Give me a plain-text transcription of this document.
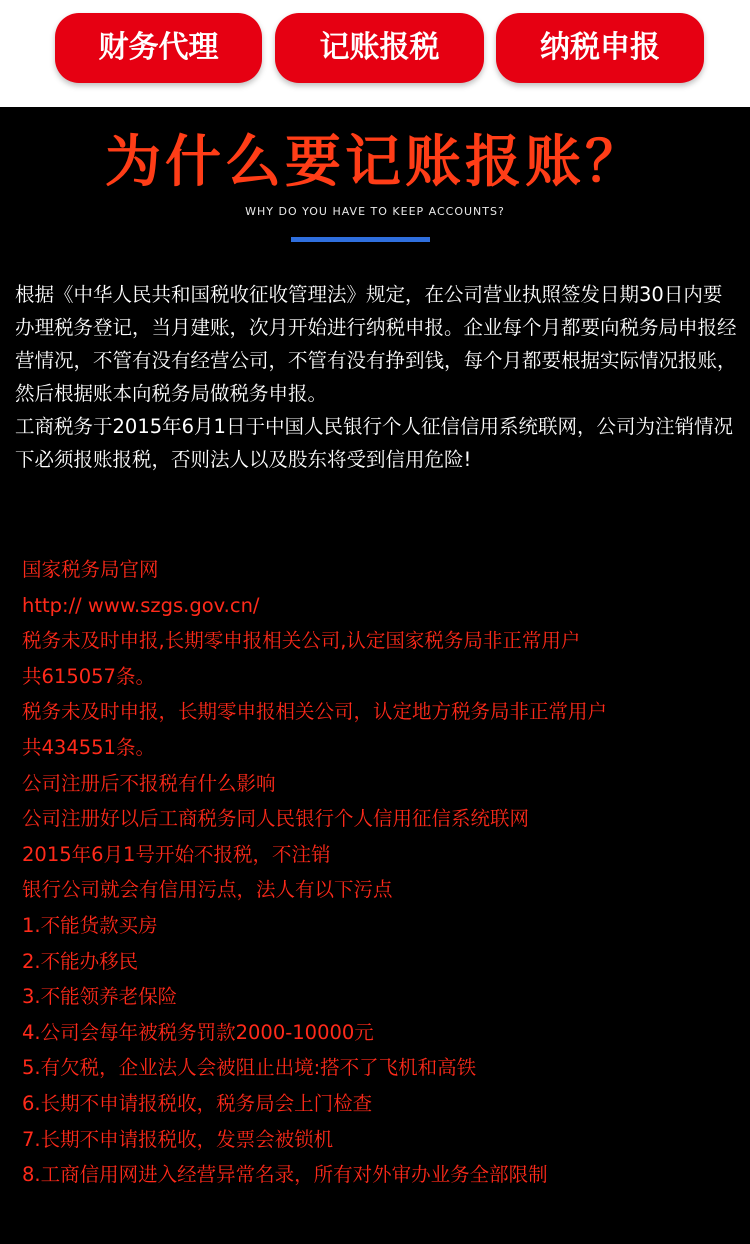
财务代理	记账报税	纳税申报
为什么要记账报账？
WHY DO YOU HAVE TO KEEP ACCOUNTS?

根据《中华人民共和国税收征收管理法》规定，在公司营业执照签发日期30日内要办理税务登记，当月建账，次月开始进行纳税申报。企业每个月都要向税务局申报经营情况，不管有没有经营公司，不管有没有挣到钱，每个月都要根据实际情况报账，然后根据账本向税务局做税务申报。

工商税务于2015年6月1日于中国人民银行个人征信信用系统联网，公司为注销情况下必须报账报税，否则法人以及股东将受到信用危险!

国家税务局官网
http:// www.szgs.gov.cn/
税务未及时申报,长期零申报相关公司,认定国家税务局非正常用户
共615057条。
税务未及时申报，长期零申报相关公司，认定地方税务局非正常用户
共434551条。
公司注册后不报税有什么影响
公司注册好以后工商税务同人民银行个人信用征信系统联网
2015年6月1号开始不报税，不注销
银行公司就会有信用污点，法人有以下污点
1.不能货款买房
2.不能办移民
3.不能领养老保险
4.公司会每年被税务罚款2000-10000元
5.有欠税，企业法人会被阻止出境:搭不了飞机和高铁
6.长期不申请报税收，税务局会上门检查
7.长期不申请报税收，发票会被锁机
8.工商信用网进入经营异常名录，所有对外审办业务全部限制
